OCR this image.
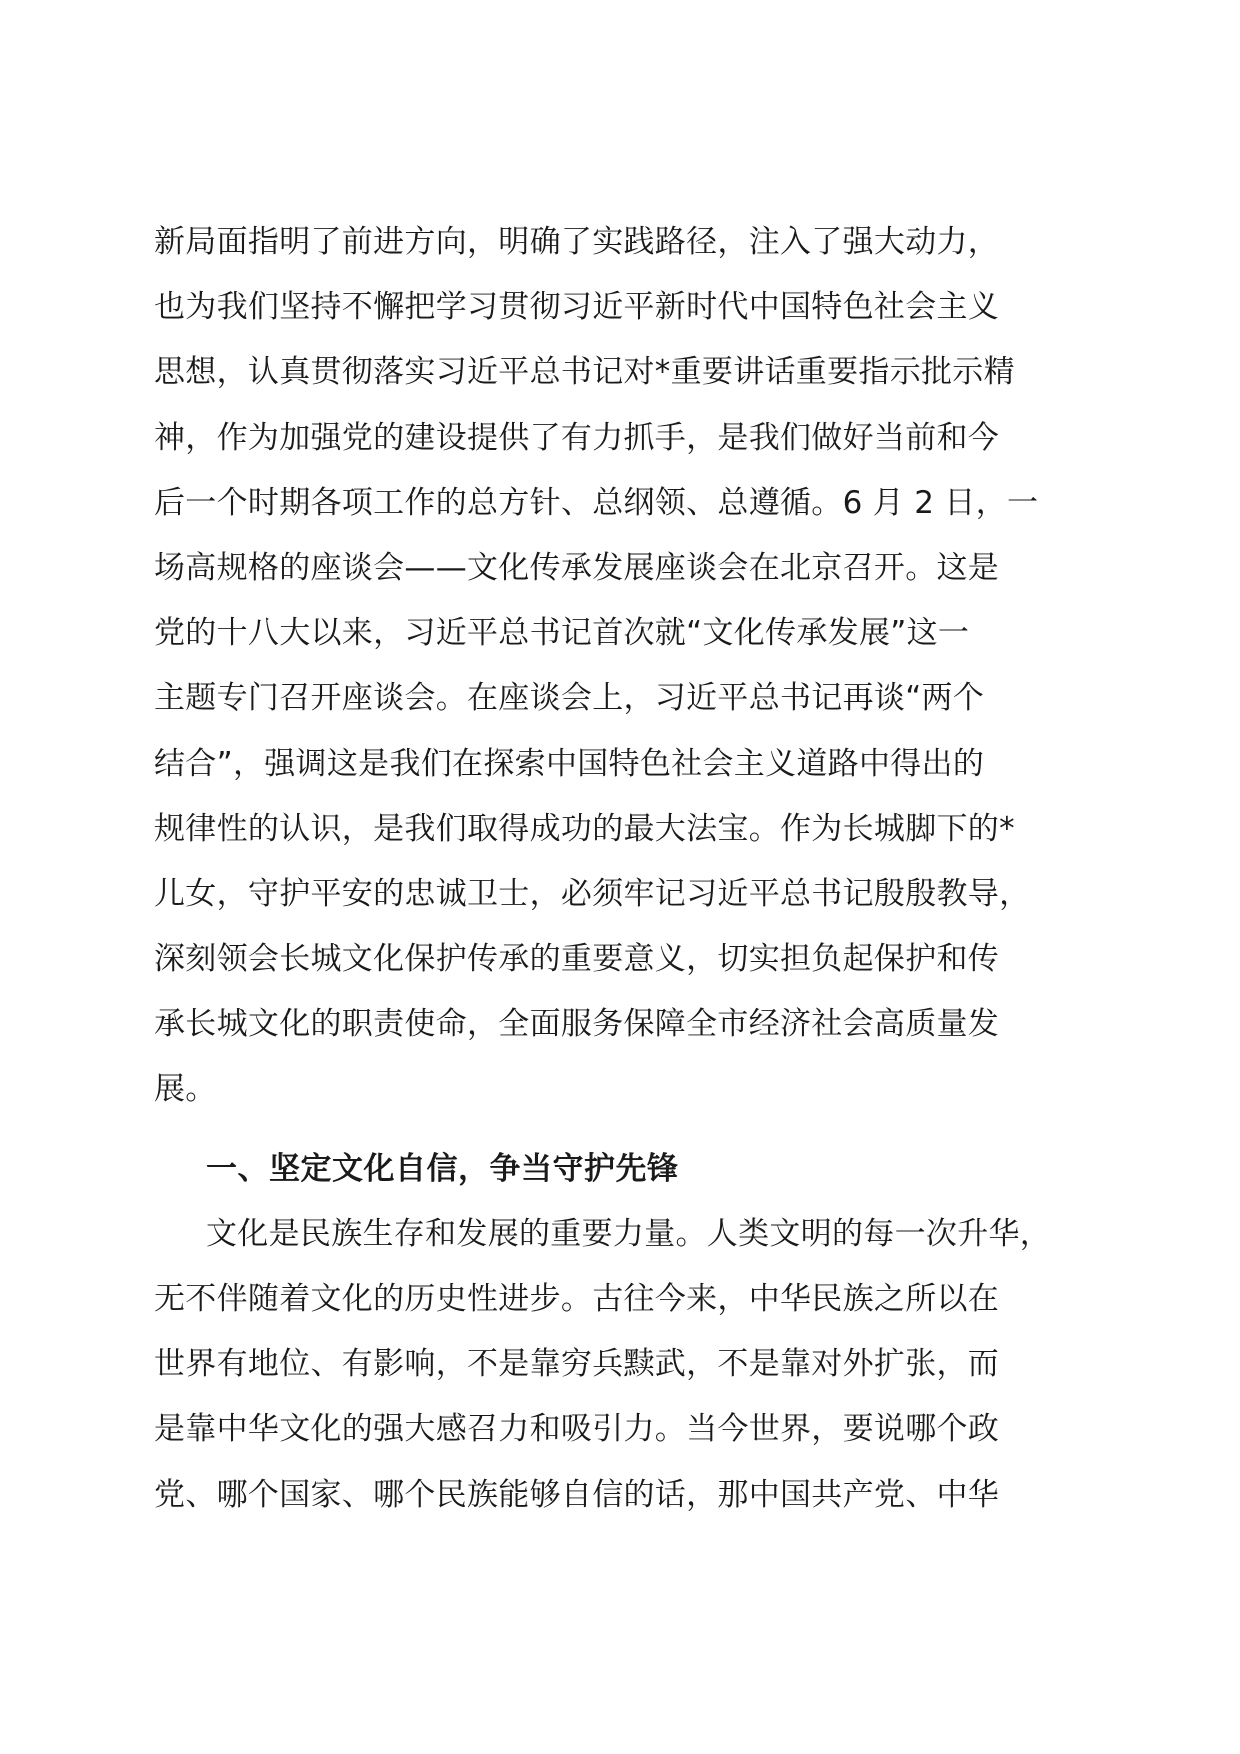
新局面指明了前进方向，明确了实践路径，注入了强大动力，
也为我们坚持不懈把学习贯彻习近平新时代中国特色社会主义
思想，认真贯彻落实习近平总书记对*重要讲话重要指示批示精
神，作为加强党的建设提供了有力抓手，是我们做好当前和今
后一个时期各项工作的总方针、总纲领、总遵循。6 月 2 日，一
场高规格的座谈会——文化传承发展座谈会在北京召开。这是
党的十八大以来，习近平总书记首次就“文化传承发展”这一
主题专门召开座谈会。在座谈会上，习近平总书记再谈“两个
结合”，强调这是我们在探索中国特色社会主义道路中得出的
规律性的认识，是我们取得成功的最大法宝。作为长城脚下的*
儿女，守护平安的忠诚卫士，必须牢记习近平总书记殷殷教导，
深刻领会长城文化保护传承的重要意义，切实担负起保护和传
承长城文化的职责使命，全面服务保障全市经济社会高质量发
展。
一、坚定文化自信，争当守护先锋
文化是民族生存和发展的重要力量。人类文明的每一次升华，
无不伴随着文化的历史性进步。古往今来，中华民族之所以在
世界有地位、有影响，不是靠穷兵黩武，不是靠对外扩张，而
是靠中华文化的强大感召力和吸引力。当今世界，要说哪个政
党、哪个国家、哪个民族能够自信的话，那中国共产党、中华
